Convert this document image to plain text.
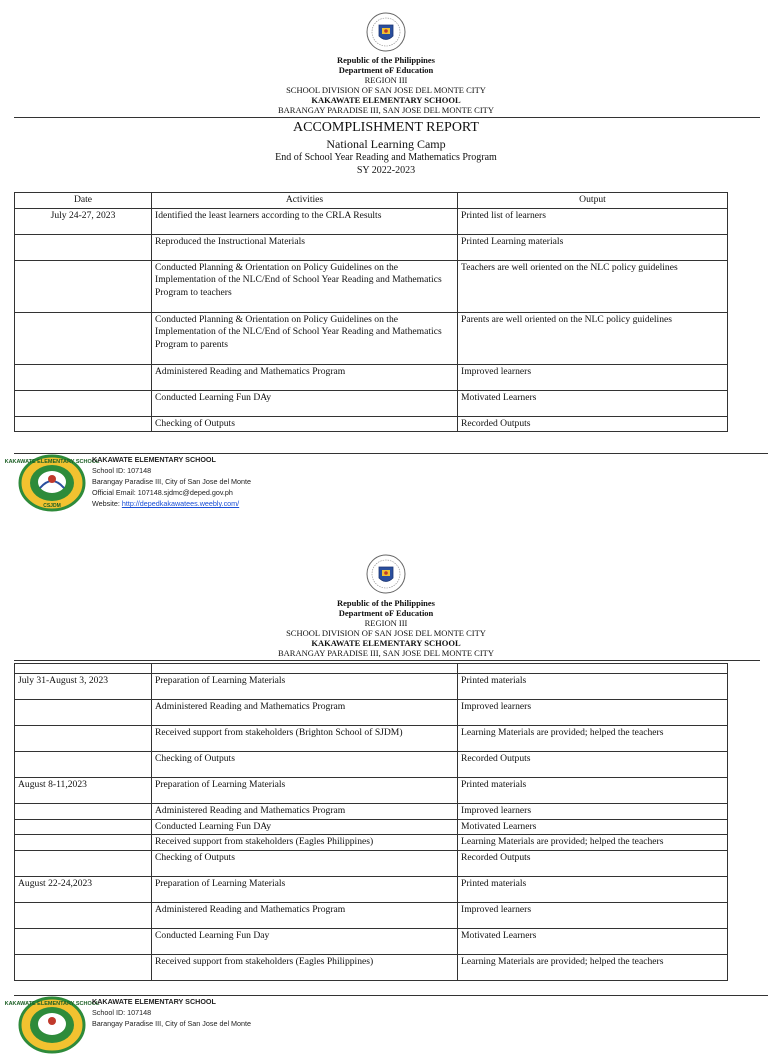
Republic of the Philippines
Department oF Education
REGION III
SCHOOL DIVISION OF SAN JOSE DEL MONTE CITY
KAKAWATE ELEMENTARY SCHOOL
BARANGAY PARADISE III, SAN JOSE DEL MONTE CITY
ACCOMPLISHMENT REPORT
National Learning Camp
End of School Year Reading and Mathematics Program
SY 2022-2023
Date	Activities	Output
July 24-27, 2023	Identified the least learners according to the CRLA Results	Printed list of learners
	Reproduced the Instructional Materials	Printed Learning materials
	Conducted Planning & Orientation on Policy Guidelines on the Implementation of the NLC/End of School Year Reading and Mathematics Program to teachers	Teachers are well oriented on the NLC policy guidelines
	Conducted Planning & Orientation on Policy Guidelines on the Implementation of the NLC/End of School Year Reading and Mathematics Program to parents	Parents are well oriented on the NLC policy guidelines
	Administered Reading and Mathematics Program	Improved learners
	Conducted Learning Fun DAy	Motivated Learners
	Checking of Outputs	Recorded Outputs
KAKAWATE ELEMENTARY SCHOOL
CSJDM
KAKAWATE ELEMENTARY SCHOOL
School ID: 107148
Barangay Paradise III, City of San Jose del Monte
Official Email: 107148.sjdmc@deped.gov.ph
Website: http://depedkakawatees.weebly.com/
Republic of the Philippines
Department oF Education
REGION III
SCHOOL DIVISION OF SAN JOSE DEL MONTE CITY
KAKAWATE ELEMENTARY SCHOOL
BARANGAY PARADISE III, SAN JOSE DEL MONTE CITY

July 31-August 3, 2023	Preparation of Learning Materials	Printed materials
	Administered Reading and Mathematics Program	Improved learners
	Received support from stakeholders (Brighton School of SJDM)	Learning Materials are provided; helped the teachers
	Checking of Outputs	Recorded Outputs
August 8-11,2023	Preparation of Learning Materials	Printed materials
	Administered Reading and Mathematics Program	Improved learners
	Conducted Learning Fun DAy	Motivated Learners
	Received support from stakeholders (Eagles Philippines)	Learning Materials are provided; helped the teachers
	Checking of Outputs	Recorded Outputs
August 22-24,2023	Preparation of Learning Materials	Printed materials
	Administered Reading and Mathematics Program	Improved learners
	Conducted Learning Fun Day	Motivated Learners
	Received support from stakeholders (Eagles Philippines)	Learning Materials are provided; helped the teachers
KAKAWATE ELEMENTARY SCHOOL
KAKAWATE ELEMENTARY SCHOOL
School ID: 107148
Barangay Paradise III, City of San Jose del Monte
